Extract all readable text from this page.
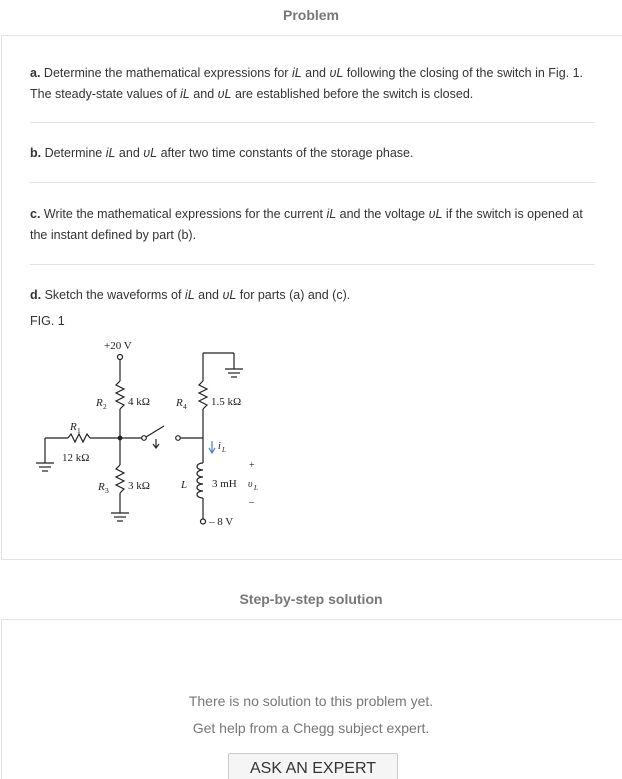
Problem
a. Determine the mathematical expressions for iL and υL following the closing of the switch in Fig. 1. The steady-state values of iL and υL are established before the switch is closed.
b. Determine iL and υL after two time constants of the storage phase.
c. Write the mathematical expressions for the current iL and the voltage υL if the switch is opened at the instant defined by part (b).
d. Sketch the waveforms of iL and υL for parts (a) and (c).
FIG. 1
+20 V
R 2 4 kΩ R 4 1.5 kΩ
R 1
12 kΩ
R 3 3 kΩ
i L
L 3 mH
+
υ L
–
– 8 V
Step-by-step solution
There is no solution to this problem yet.
Get help from a Chegg subject expert.
ASK AN EXPERT
